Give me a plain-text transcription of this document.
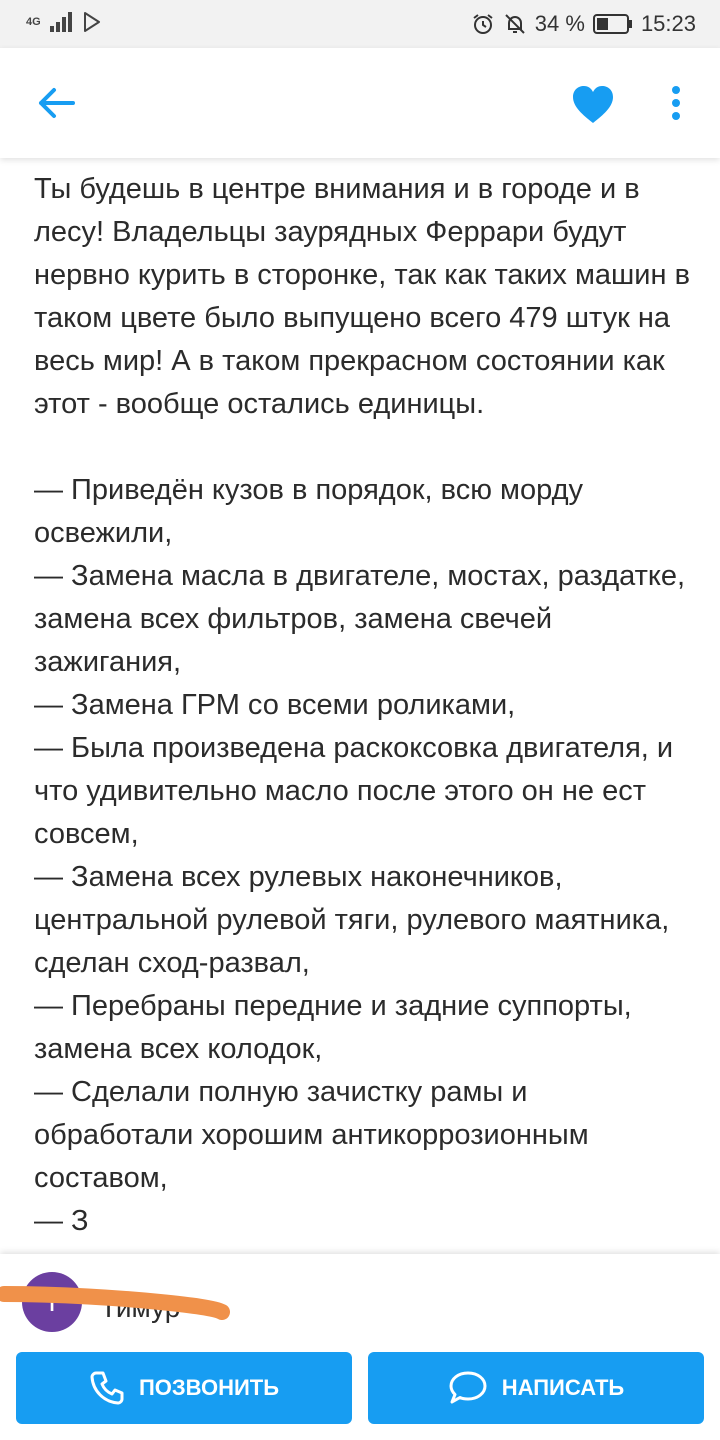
4G	34 %	15:23

Ты будешь в центре внимания и в городе и в лесу! Владельцы заурядных Феррари будут нервно курить в сторонке, так как таких машин в таком цвете было выпущено всего 479 штук на весь мир! А в таком прекрасном состоянии как этот - вообще остались единицы.

— Приведён кузов в порядок, всю морду освежили,

— Замена масла в двигателе, мостах, раздатке, замена всех фильтров, замена свечей зажигания,

— Замена ГРМ со всеми роликами,

— Была произведена раскоксовка двигателя, и что удивительно масло после этого он не ест совсем,

— Замена всех рулевых наконечников, центральной рулевой тяги, рулевого маятника, сделан сход-развал,

— Перебраны передние и задние суппорты, замена всех колодок,

— Сделали полную зачистку рамы и обработали хорошим антикоррозионным составом,

— З

Т	Тимур
ПОЗВОНИТЬ	НАПИСАТЬ
